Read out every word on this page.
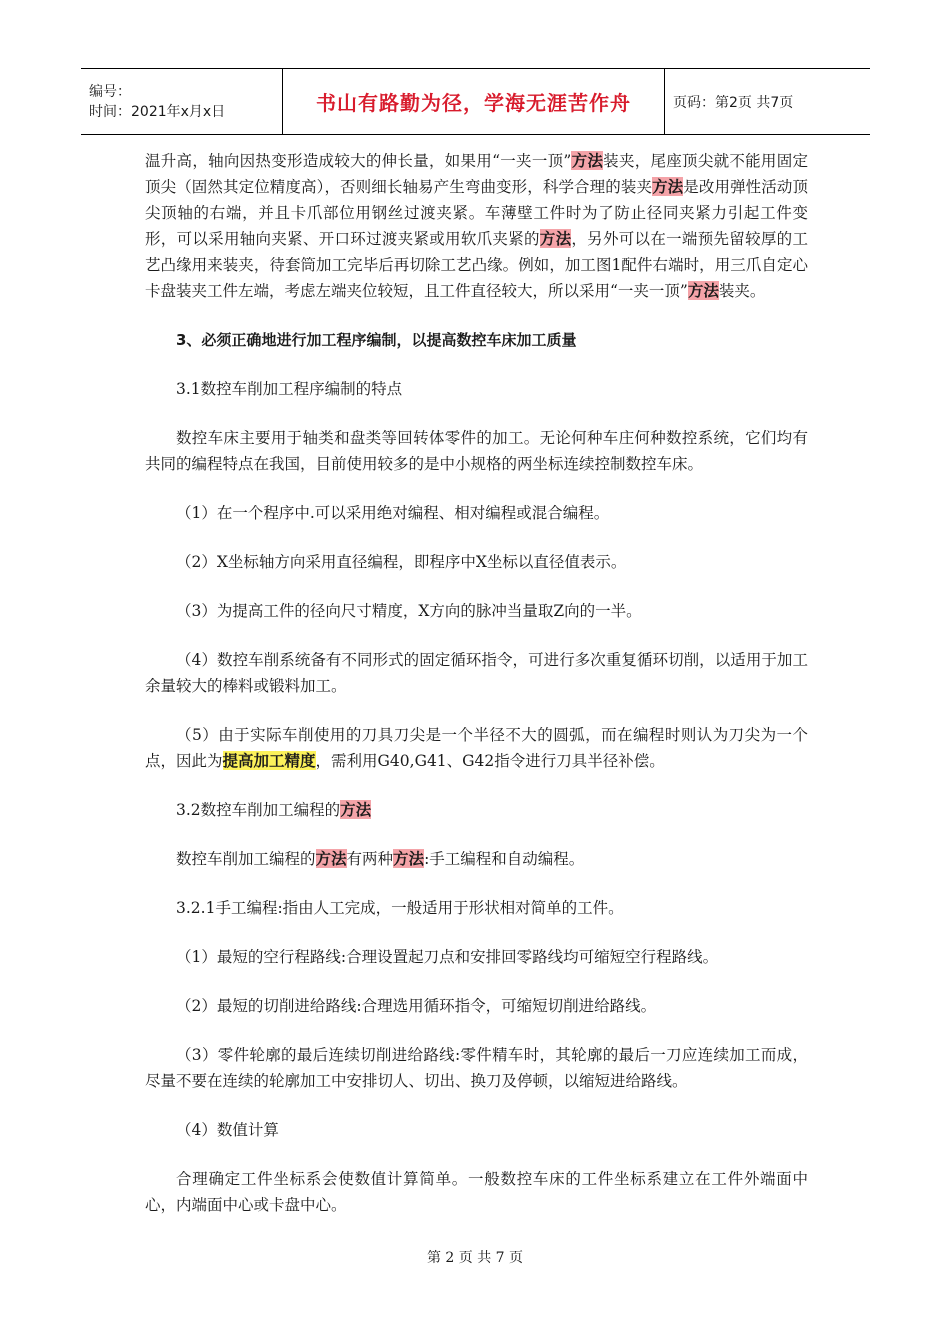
编号：
时间：2021年x月x日	书山有路勤为径，学海无涯苦作舟	页码：第2页 共7页

温升高，轴向因热变形造成较大的伸长量，如果用“一夹一顶”方法装夹，尾座顶尖就不能用固定顶尖（固然其定位精度高），否则细长轴易产生弯曲变形，科学合理的装夹方法是改用弹性活动顶尖顶轴的右端，并且卡爪部位用钢丝过渡夹紧。车薄壁工件时为了防止径同夹紧力引起工件变形，可以采用轴向夹紧、开口环过渡夹紧或用软爪夹紧的方法，另外可以在一端预先留较厚的工艺凸缘用来装夹，待套筒加工完毕后再切除工艺凸缘。例如，加工图1配件右端时，用三爪自定心卡盘装夹工件左端，考虑左端夹位较短，且工件直径较大，所以采用“一夹一顶”方法装夹。

3、必须正确地进行加工程序编制，以提高数控车床加工质量

3.1数控车削加工程序编制的特点

数控车床主要用于轴类和盘类等回转体零件的加工。无论何种车庄何种数控系统，它们均有共同的编程特点在我国，目前使用较多的是中小规格的两坐标连续控制数控车床。

（1）在一个程序中.可以采用绝对编程、相对编程或混合编程。

（2）X坐标轴方向采用直径编程，即程序中X坐标以直径值表示。

（3）为提高工件的径向尺寸精度，X方向的脉冲当量取Z向的一半。

（4）数控车削系统备有不同形式的固定循环指令，可进行多次重复循环切削，以适用于加工余量较大的棒料或锻料加工。

（5）由于实际车削使用的刀具刀尖是一个半径不大的圆弧，而在编程时则认为刀尖为一个点，因此为提高加工精度，需利用G40,G41、G42指令进行刀具半径补偿。

3.2数控车削加工编程的方法

数控车削加工编程的方法有两种方法:手工编程和自动编程。

3.2.1手工编程:指由人工完成，一般适用于形状相对简单的工件。

（1）最短的空行程路线:合理设置起刀点和安排回零路线均可缩短空行程路线。

（2）最短的切削进给路线:合理选用循环指令，可缩短切削进给路线。

（3）零件轮廓的最后连续切削进给路线:零件精车时，其轮廓的最后一刀应连续加工而成，尽量不要在连续的轮廓加工中安排切人、切出、换刀及停顿，以缩短进给路线。

（4）数值计算

合理确定工件坐标系会使数值计算简单。一般数控车床的工件坐标系建立在工件外端面中心，内端面中心或卡盘中心。

第 2 页 共 7 页
